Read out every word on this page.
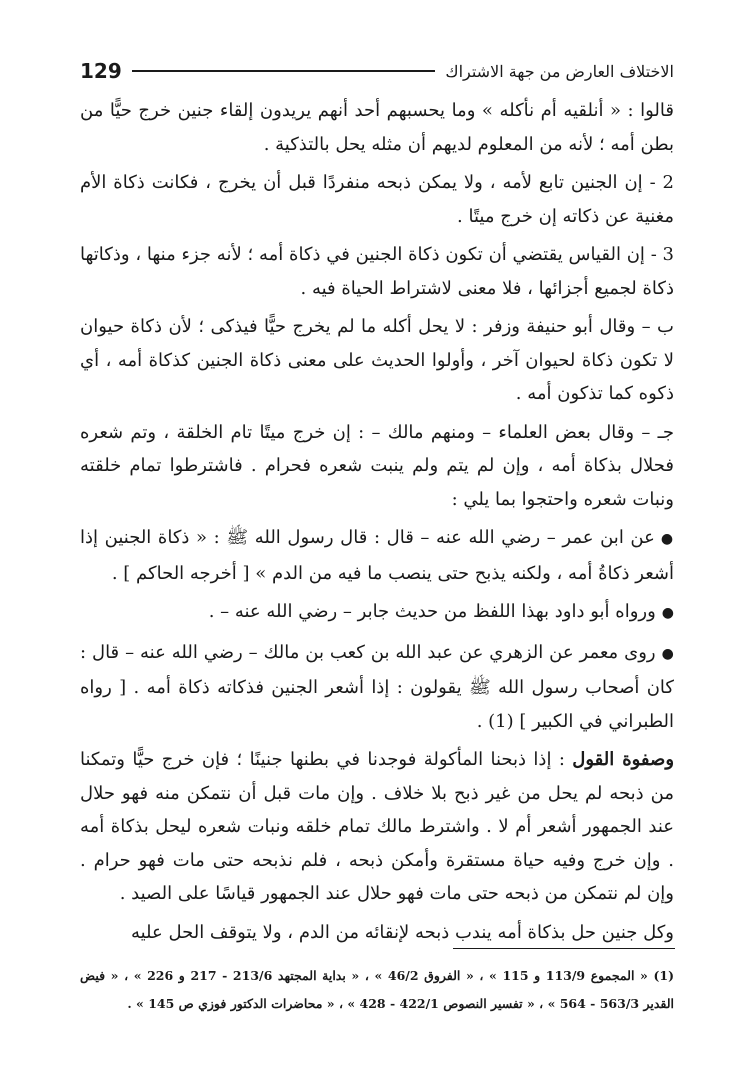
الاختلاف العارض من جهة الاشتراك
129

قالوا : « أنلقيه أم نأكله » وما يحسبهم أحد أنهم يريدون إلقاء جنين خرج حيًّا من بطن أمه ؛ لأنه من المعلوم لديهم أن مثله يحل بالتذكية .

2 - إن الجنين تابع لأمه ، ولا يمكن ذبحه منفردًا قبل أن يخرج ، فكانت ذكاة الأم مغنية عن ذكاته إن خرج ميتًا .

3 - إن القياس يقتضي أن تكون ذكاة الجنين في ذكاة أمه ؛ لأنه جزء منها ، وذكاتها ذكاة لجميع أجزائها ، فلا معنى لاشتراط الحياة فيه .

ب – وقال أبو حنيفة وزفر : لا يحل أكله ما لم يخرج حيًّا فيذكى ؛ لأن ذكاة حيوان لا تكون ذكاة لحيوان آخر ، وأولوا الحديث على معنى ذكاة الجنين كذكاة أمه ، أي ذكوه كما تذكون أمه .

جـ – وقال بعض العلماء – ومنهم مالك – : إن خرج ميتًا تام الخلقة ، وتم شعره فحلال بذكاة أمه ، وإن لم يتم ولم ينبت شعره فحرام . فاشترطوا تمام خلقته ونبات شعره واحتجوا بما يلي :

● عن ابن عمر – رضي الله عنه – قال : قال رسول الله ﷺ : « ذكاة الجنين إذا أشعر ذكاةُ أمه ، ولكنه يذبح حتى ينصب ما فيه من الدم » [ أخرجه الحاكم ] .

● ورواه أبو داود بهذا اللفظ من حديث جابر – رضي الله عنه – .

● روى معمر عن الزهري عن عبد الله بن كعب بن مالك – رضي الله عنه – قال : كان أصحاب رسول الله ﷺ يقولون : إذا أشعر الجنين فذكاته ذكاة أمه . [ رواه الطبراني في الكبير ] (1) .

وصفوة القول : إذا ذبحنا المأكولة فوجدنا في بطنها جنينًا ؛ فإن خرج حيًّا وتمكنا من ذبحه لم يحل من غير ذبح بلا خلاف . وإن مات قبل أن نتمكن منه فهو حلال عند الجمهور أشعر أم لا . واشترط مالك تمام خلقه ونبات شعره ليحل بذكاة أمه . وإن خرج وفيه حياة مستقرة وأمكن ذبحه ، فلم نذبحه حتى مات فهو حرام . وإن لم نتمكن من ذبحه حتى مات فهو حلال عند الجمهور قياسًا على الصيد .

وكل جنين حل بذكاة أمه يندب ذبحه لإنقائه من الدم ، ولا يتوقف الحل عليه

(1) « المجموع 113/9 و 115 » ، « الفروق 46/2 » ، « بداية المجتهد 213/6 - 217 و 226 » ، « فيض القدير 563/3 - 564 » ، « تفسير النصوص 422/1 - 428 » ، « محاضرات الدكتور فوزي ص 145 » .
